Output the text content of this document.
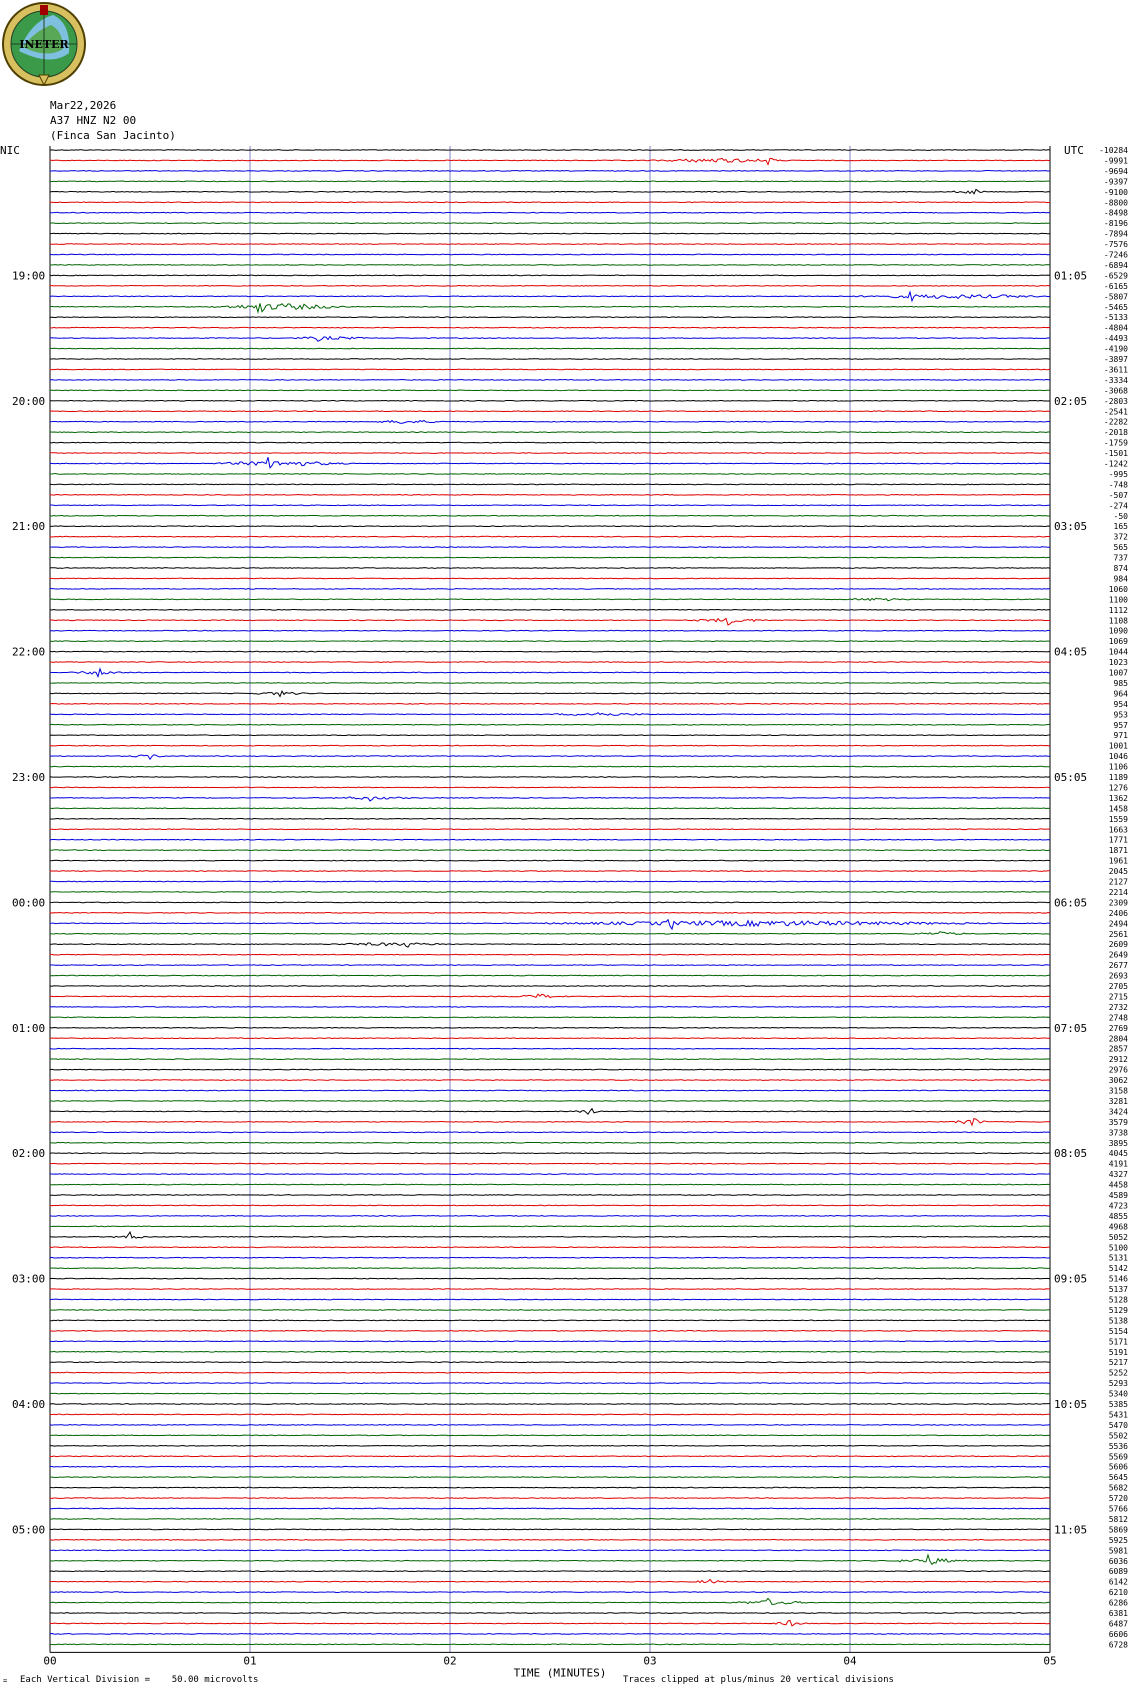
-10284
-9991
-9694
-9397
-9100
-8800
-8498
-8196
-7894
-7576
-7246
-6894
-6529
-6165
-5807
-5465
-5133
-4804
-4493
-4190
-3897
-3611
-3334
-3068
-2803
-2541
-2282
-2018
-1759
-1501
-1242
-995
-748
-507
-274
-50
165
372
565
737
874
984
1060
1100
1112
1108
1090
1069
1044
1023
1007
985
964
954
953
957
971
1001
1046
1106
1189
1276
1362
1458
1559
1663
1771
1871
1961
2045
2127
2214
2309
2406
2494
2561
2609
2649
2677
2693
2705
2715
2732
2748
2769
2804
2857
2912
2976
3062
3158
3281
3424
3579
3738
3895
4045
4191
4327
4458
4589
4723
4855
4968
5052
5100
5131
5142
5146
5137
5128
5129
5138
5154
5171
5191
5217
5252
5293
5340
5385
5431
5470
5502
5536
5569
5606
5645
5682
5720
5766
5812
5869
5925
5981
6036
6089
6142
6210
6286
6381
6487
6606
6728
19:00
20:00
21:00
22:00
23:00
00:00
01:00
02:00
03:00
04:00
05:00
01:05
02:05
03:05
04:05
05:05
06:05
07:05
08:05
09:05
10:05
11:05
NIC	UTC
00	01	02	03	04	05
TIME (MINUTES)
INETER
Mar22,2026
A37 HNZ N2 00
(Finca San Jacinto)
Each Vertical Division =    50.00 microvolts	Traces clipped at plus/minus 20 vertical divisions
=
